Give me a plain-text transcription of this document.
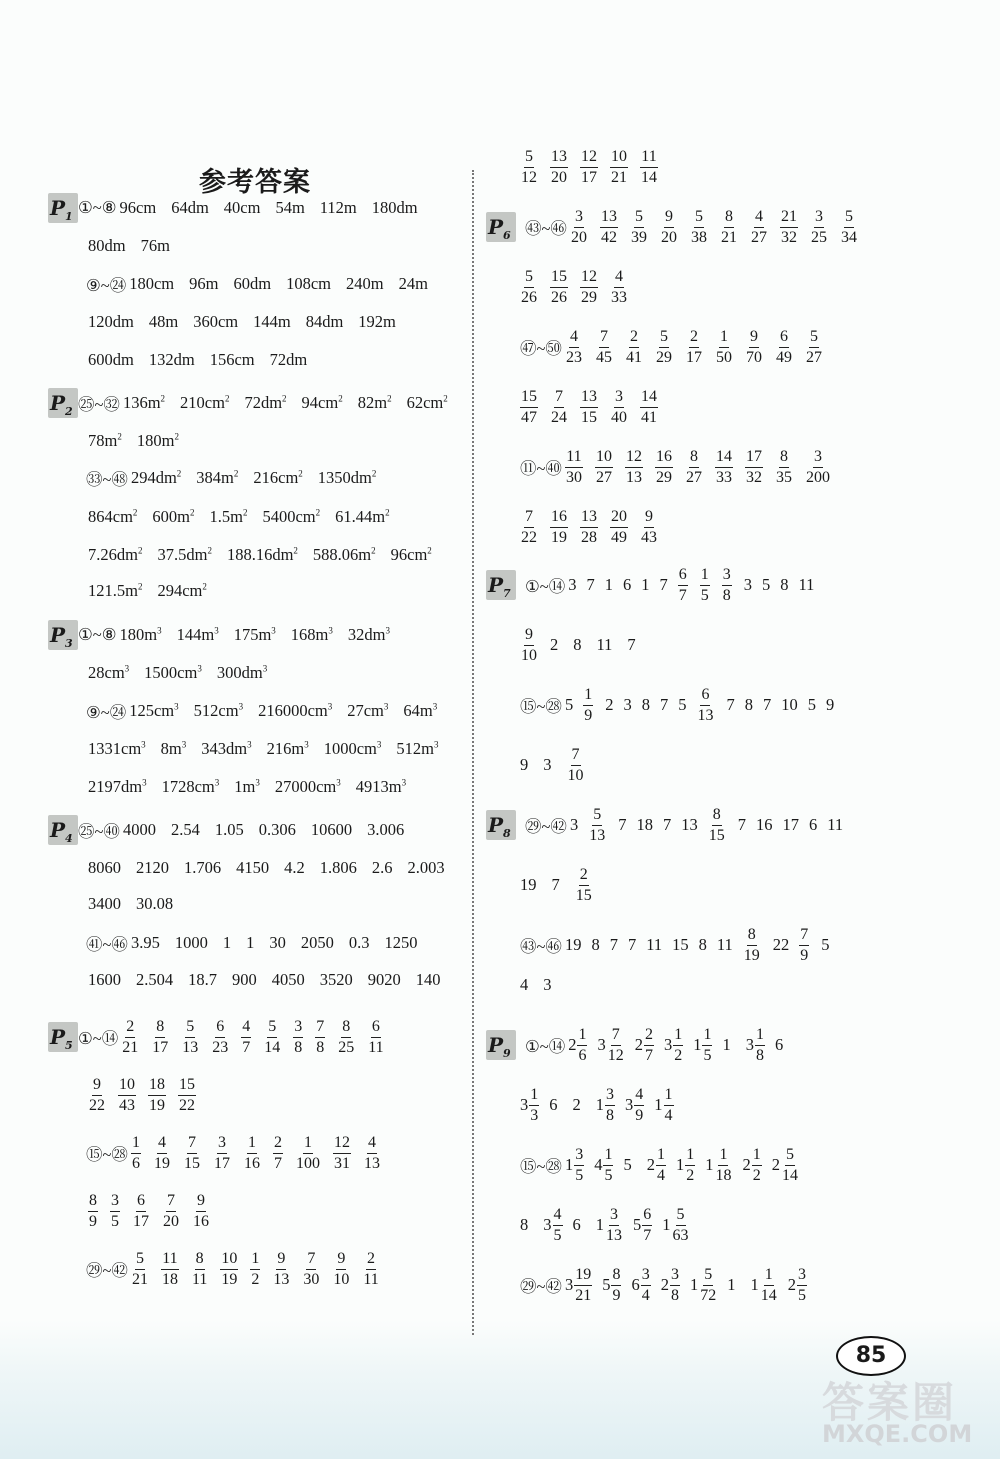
参考答案
$P_1$ ①~⑧ 96cm 64dm 40cm 54m 112m 180dm
80dm 76m
⑨~㉔ 180cm 96m 60dm 108cm 240m 24m
120dm 48m 360cm 144m 84dm 192m
600dm 132dm 156cm 72dm
$P_2$ ㉕~㉜ $136m^2$ $210cm^2$ $72dm^2$ $94cm^2$ $82m^2$ $62cm^2$
$78m^2$ $180m^2$
㉝~㊽ $294dm^2$ $384m^2$ $216cm^2$ $1350dm^2$
$864cm^2$ $600m^2$ $1.5m^2$ $5400cm^2$ $61.44m^2$
$7.26dm^2$ $37.5dm^2$ $188.16dm^2$ $588.06m^2$ $96cm^2$
$121.5m^2$ $294cm^2$
$P_3$ ①~⑧ $180m^3$ $144m^3$ $175m^3$ $168m^3$ $32dm^3$
$28cm^3$ $1500cm^3$ $300dm^3$
⑨~㉔ $125cm^3$ $512cm^3$ $216000cm^3$ $27cm^3$ $64m^3$
$1331cm^3$ $8m^3$ $343dm^3$ $216m^3$ $1000cm^3$ $512m^3$
$2197dm^3$ $1728cm^3$ $1m^3$ $27000cm^3$ $4913m^3$
$P_4$ ㉕~㊵ 4000 2.54 1.05 0.306 10600 3.006
8060 2120 1.706 4150 4.2 1.806 2.6 2.003
3400 30.08
㊶~㊻ 3.95 1000 1 1 30 2050 0.3 1250
1600 2.504 18.7 900 4050 3520 9020 140
$P_5$ ①~⑭ $\frac{2}{21} \frac{8}{17} \frac{5}{13} \frac{6}{23} \frac{4}{7} \frac{5}{14} \frac{3}{8} \frac{7}{8} \frac{8}{25} \frac{6}{11}$
$\frac{9}{22} \frac{10}{43} \frac{18}{19} \frac{15}{22}$
⑮~㉘ $\frac{1}{6} \frac{4}{19} \frac{7}{15} \frac{3}{17} \frac{1}{16} \frac{2}{7} \frac{1}{100} \frac{12}{31} \frac{4}{13}$
$\frac{8}{9} \frac{3}{5} \frac{6}{17} \frac{7}{20} \frac{9}{16}$
㉙~㊷ $\frac{5}{21} \frac{11}{18} \frac{8}{11} \frac{10}{19} \frac{1}{2} \frac{9}{13} \frac{7}{30} \frac{9}{10} \frac{2}{11}$
$\frac{5}{12} \frac{13}{20} \frac{12}{17} \frac{10}{21} \frac{11}{14}$
$P_6$ ㊸~㊻ $\frac{3}{20} \frac{13}{42} \frac{5}{39} \frac{9}{20} \frac{5}{38} \frac{8}{21} \frac{4}{27} \frac{21}{32} \frac{3}{25} \frac{5}{34}$
$\frac{5}{26} \frac{15}{26} \frac{12}{29} \frac{4}{33}$
㊼~㊿ $\frac{4}{23} \frac{7}{45} \frac{2}{41} \frac{5}{29} \frac{2}{17} \frac{1}{50} \frac{9}{70} \frac{6}{49} \frac{5}{27}$
$\frac{15}{47} \frac{7}{24} \frac{13}{15} \frac{3}{40} \frac{14}{41}$
⑪~㊵ $\frac{11}{30} \frac{10}{27} \frac{12}{13} \frac{16}{29} \frac{8}{27} \frac{14}{33} \frac{17}{32} \frac{8}{35} \frac{3}{200}$
$\frac{7}{22} \frac{16}{19} \frac{13}{28} \frac{20}{49} \frac{9}{43}$
$P_7$ ①~⑭ 3 7 1 6 1 $7 \frac{6}{7} \frac{1}{5} \frac{3}{8} 3$ 5 8 11
$\frac{9}{10} 2$ 8 11 7
⑮~㉘ $5 \frac{1}{9} 2$ 3 8 7 $5 \frac{6}{13} 7$ 8 7 10 5 9
9 $3 \frac{7}{10}$
$P_8$ ㉙~㊷ $3 \frac{5}{13} 7$ 18 7 $13 \frac{8}{15} 7$ 16 17 6 11
19 $7 \frac{2}{15}$
㊸~㊻ 19 8 7 7 11 15 8 $11 \frac{8}{19} 22 \frac{7}{9} 5$
4 3
$P_9$ ①~⑭ $2 \frac{1}{6} 3 \frac{7}{12} 2 \frac{2}{7} 3 \frac{1}{2} 1 \frac{1}{5} 1$ $3 \frac{1}{8} 6$
$3 \frac{1}{3} 6$ 2 $1 \frac{3}{8} 3 \frac{4}{9} 1 \frac{1}{4}$
⑮~㉘ $1 \frac{3}{5} 4 \frac{1}{5} 5$ $2 \frac{1}{4} 1 \frac{1}{2} 1 \frac{1}{18} 2 \frac{1}{2} 2 \frac{5}{14}$
8 $3 \frac{4}{5} 6$ $1 \frac{3}{13} 5 \frac{6}{7} 1 \frac{5}{63}$
㉙~㊷ $3 \frac{19}{21} 5 \frac{8}{9} 6 \frac{3}{4} 2 \frac{3}{8} 1 \frac{5}{72} 1$ $1 \frac{1}{14} 2 \frac{3}{5}$
85
答案圈
MXQE.COM
